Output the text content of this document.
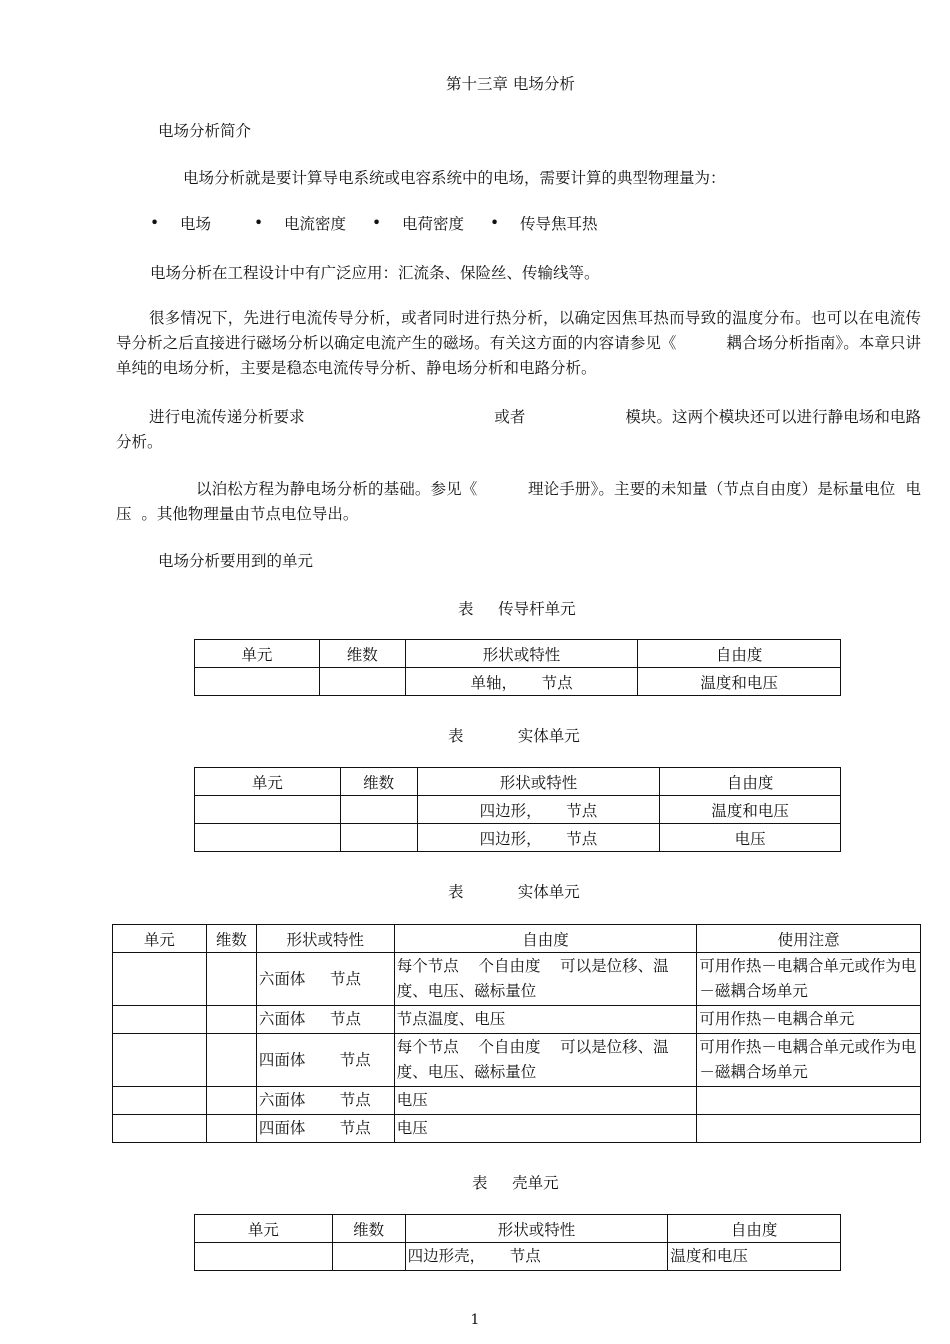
第十三章 电场分析
电场分析简介
电场分析就是要计算导电系统或电容系统中的电场，需要计算的典型物理量为：
•	电场	•	电流密度 •	电荷密度 •	传导焦耳热
电场分析在工程设计中有广泛应用：汇流条、保险丝、传输线等。
很多情况下，先进行电流传导分析，或者同时进行热分析，以确定因焦耳热而导致的温度分布。也可以在电流传导分析之后直接进行磁场分析以确定电流产生的磁场。有关这方面的内容请参见《          耦合场分析指南》。本章只讲单纯的电场分析，主要是稳态电流传导分析、静电场分析和电路分析。
进行电流传递分析要求                                      或者                    模块。这两个模块还可以进行静电场和电路分析。
以泊松方程为静电场分析的基础。参见《          理论手册》。主要的未知量（节点自由度）是标量电位  电压  。其他物理量由节点电位导出。
电场分析要用到的单元
表     传导杆单元
单元	维数	形状或特性	自由度
		单轴，     节点	温度和电压
表           实体单元
单元	维数	形状或特性	自由度
		四边形，     节点	温度和电压
		四边形，     节点	电压
表           实体单元
单元	维数	形状或特性	自由度	使用注意
		六面体     节点	每个节点    个自由度    可以是位移、温度、电压、磁标量位	可用作热－电耦合单元或作为电－磁耦合场单元
		六面体     节点	节点温度、电压	可用作热－电耦合单元
		四面体       节点	每个节点    个自由度    可以是位移、温度、电压、磁标量位	可用作热－电耦合单元或作为电－磁耦合场单元
		六面体       节点	电压	
		四面体       节点	电压	
表     壳单元
单元	维数	形状或特性	自由度
		四边形壳，     节点	温度和电压
1
